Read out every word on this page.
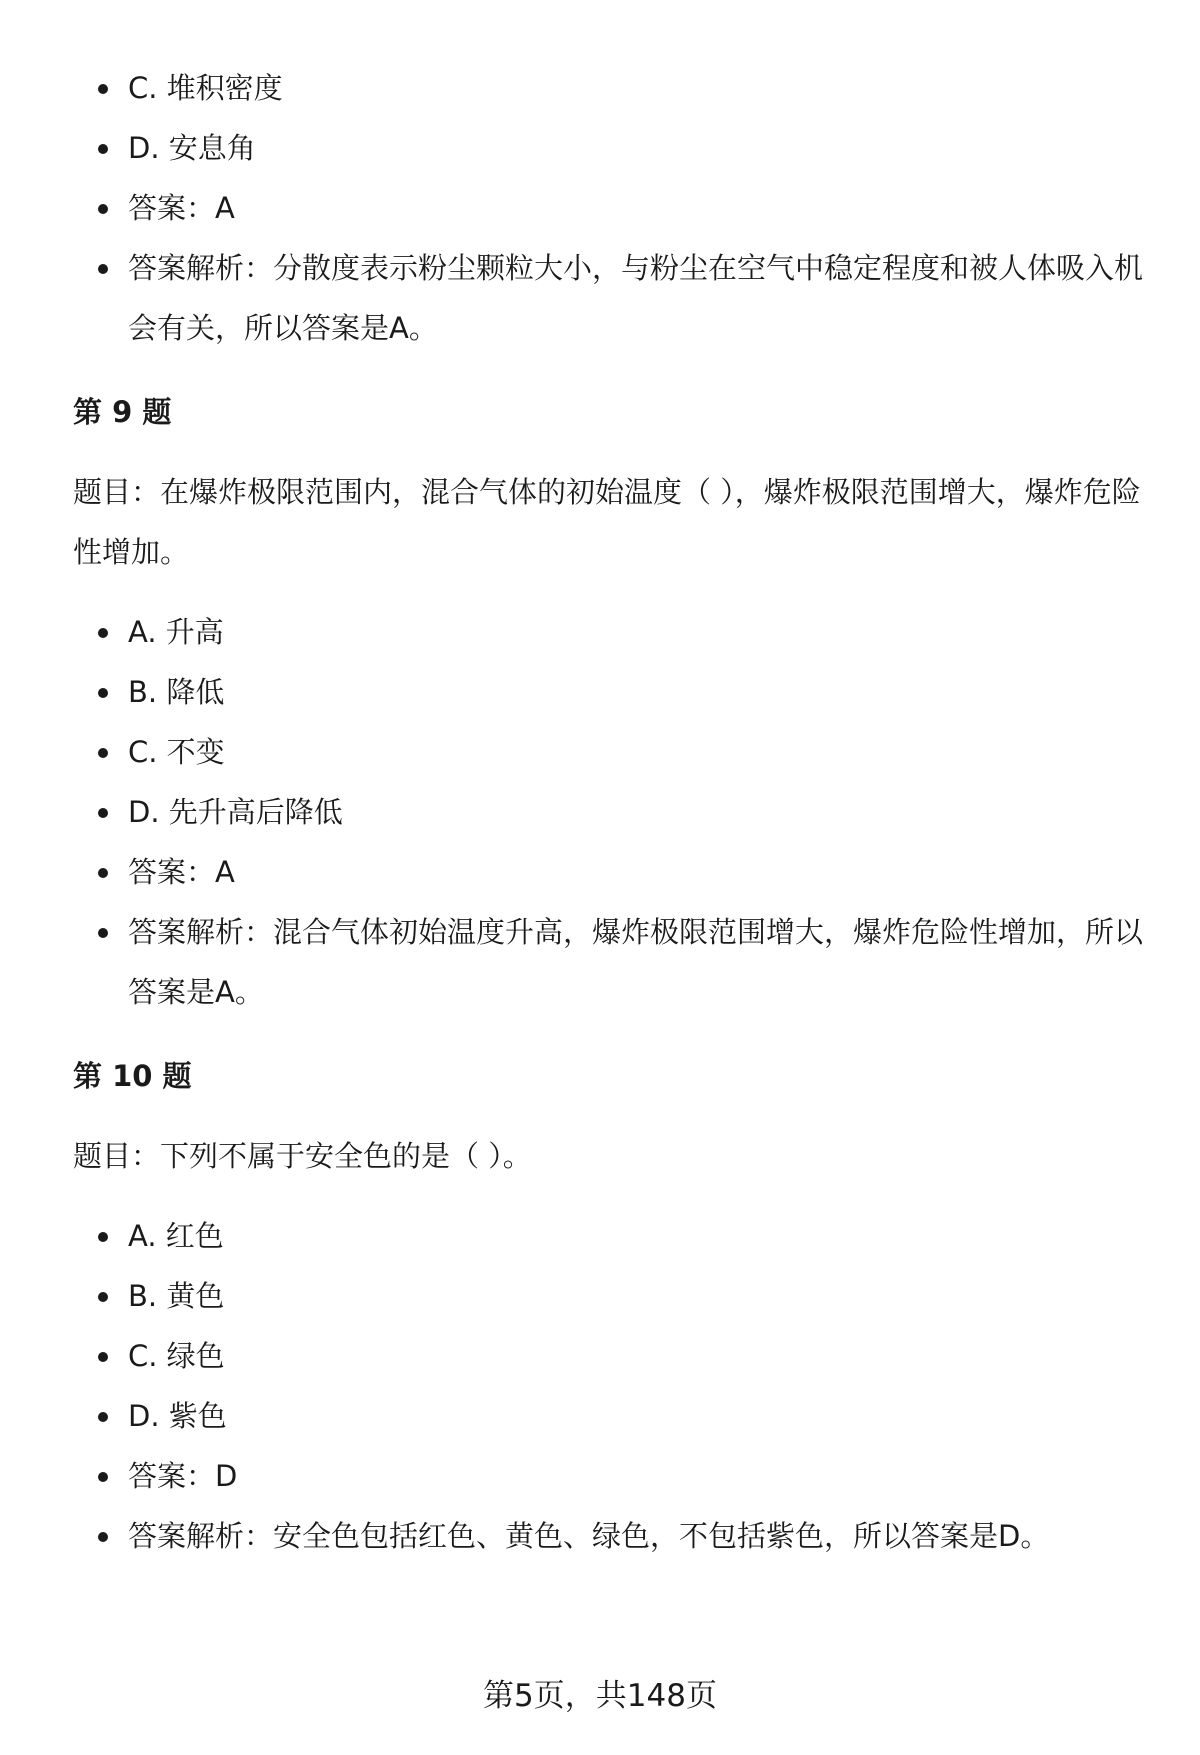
C. 堆积密度
D. 安息角
答案：A
答案解析：分散度表示粉尘颗粒大小，与粉尘在空气中稳定程度和被人体吸入机会有关，所以答案是A。
第 9 题

题目：在爆炸极限范围内，混合气体的初始温度（ ），爆炸极限范围增大，爆炸危险性增加。

A. 升高
B. 降低
C. 不变
D. 先升高后降低
答案：A
答案解析：混合气体初始温度升高，爆炸极限范围增大，爆炸危险性增加，所以答案是A。
第 10 题

题目：下列不属于安全色的是（ ）。

A. 红色
B. 黄色
C. 绿色
D. 紫色
答案：D
答案解析：安全色包括红色、黄色、绿色，不包括紫色，所以答案是D。
第5页，共148页
